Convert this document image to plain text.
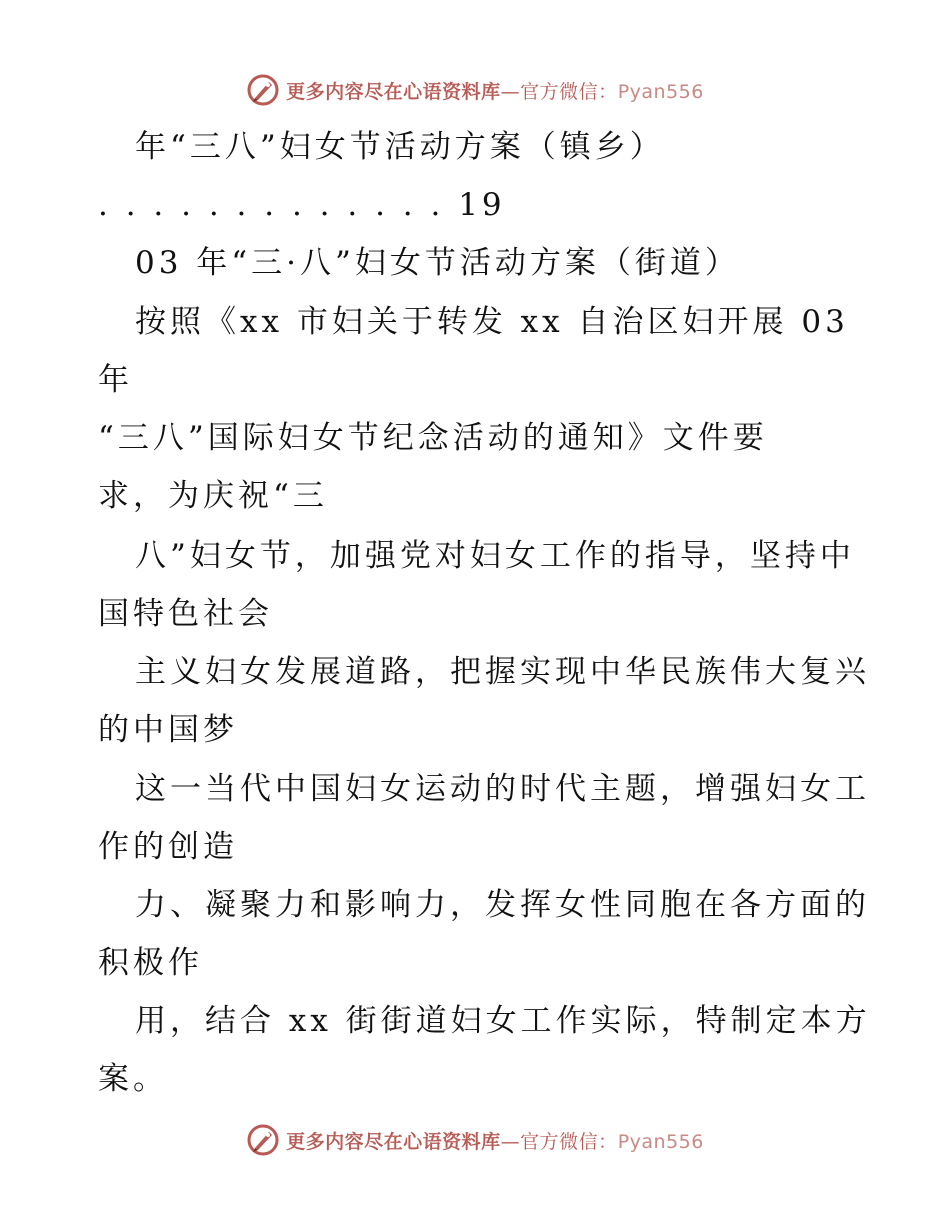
更多内容尽在心语资料库—官方微信：Pyan556
年“三八”妇女节活动方案（镇乡）
. . . . . . . . . . . . . 19
03 年“三·八”妇女节活动方案（街道）
按照《xx 市妇关于转发 xx 自治区妇开展 03
年
“三八”国际妇女节纪念活动的通知》文件要
求，为庆祝“三
八”妇女节，加强党对妇女工作的指导，坚持中
国特色社会
主义妇女发展道路，把握实现中华民族伟大复兴
的中国梦
这一当代中国妇女运动的时代主题，增强妇女工
作的创造
力、凝聚力和影响力，发挥女性同胞在各方面的
积极作
用，结合 xx 街街道妇女工作实际，特制定本方
案。
更多内容尽在心语资料库—官方微信：Pyan556
